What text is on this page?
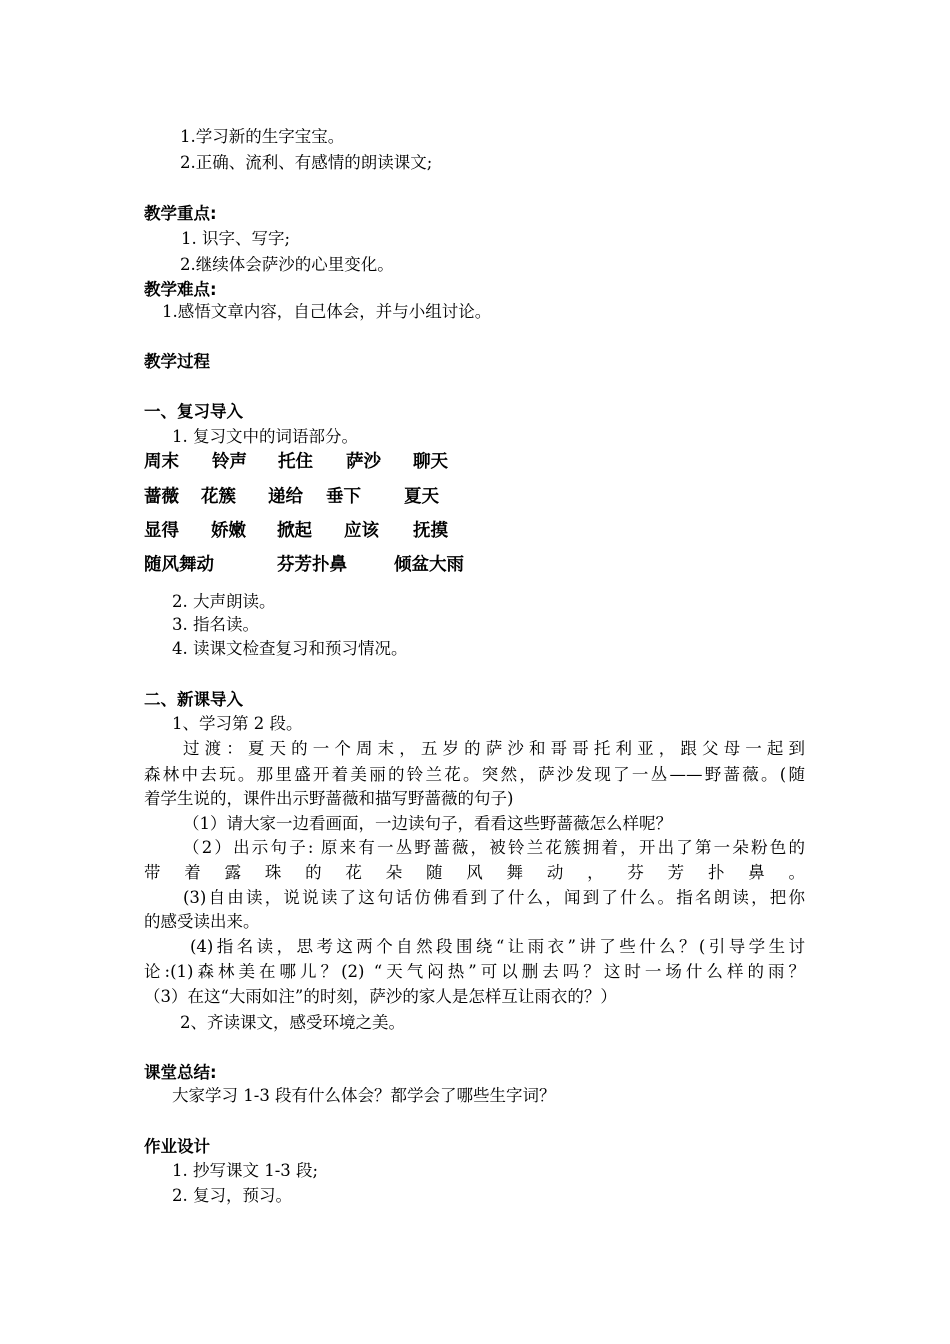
1.学习新的生字宝宝。
2.正确、流利、有感情的朗读课文;
教学重点:
1. 识字、写字;
2.继续体会萨沙的心里变化。
教学难点:
1.感悟文章内容，自己体会，并与小组讨论。
教学过程
一、复习导入
1. 复习文中的词语部分。
周末 铃声 托住 萨沙 聊天
蔷薇 花簇 递给 垂下 夏天
显得 娇嫩 掀起 应该 抚摸
随风舞动	芬芳扑鼻	倾盆大雨
2. 大声朗读。
3. 指名读。
4. 读课文检查复习和预习情况。
二、新课导入
1、学习第 2 段。
过渡：夏天的一个周末，五岁的萨沙和哥哥托利亚，跟父母一起到
森林中去玩。那里盛开着美丽的铃兰花。突然，萨沙发现了一丛——野蔷薇。(随
着学生说的，课件出示野蔷薇和描写野蔷薇的句子)
（1）请大家一边看画面，一边读句子，看看这些野蔷薇怎么样呢？
（2）出示句子: 原来有一丛野蔷薇，被铃兰花簇拥着，开出了第一朵粉色的
带着露珠的花朵随风舞动，芬芳扑鼻。
(3)自由读，说说读了这句话仿佛看到了什么，闻到了什么。指名朗读，把你
的感受读出来。
(4)指名读，思考这两个自然段围绕“让雨衣”讲了些什么？(引导学生讨
论:(1)森林美在哪儿？(2) “天气闷热”可以删去吗？这时一场什么样的雨？
（3）在这“大雨如注”的时刻，萨沙的家人是怎样互让雨衣的？）
2、齐读课文，感受环境之美。
课堂总结:
大家学习 1-3 段有什么体会？都学会了哪些生字词？
作业设计
1. 抄写课文 1-3 段;
2. 复习，预习。
